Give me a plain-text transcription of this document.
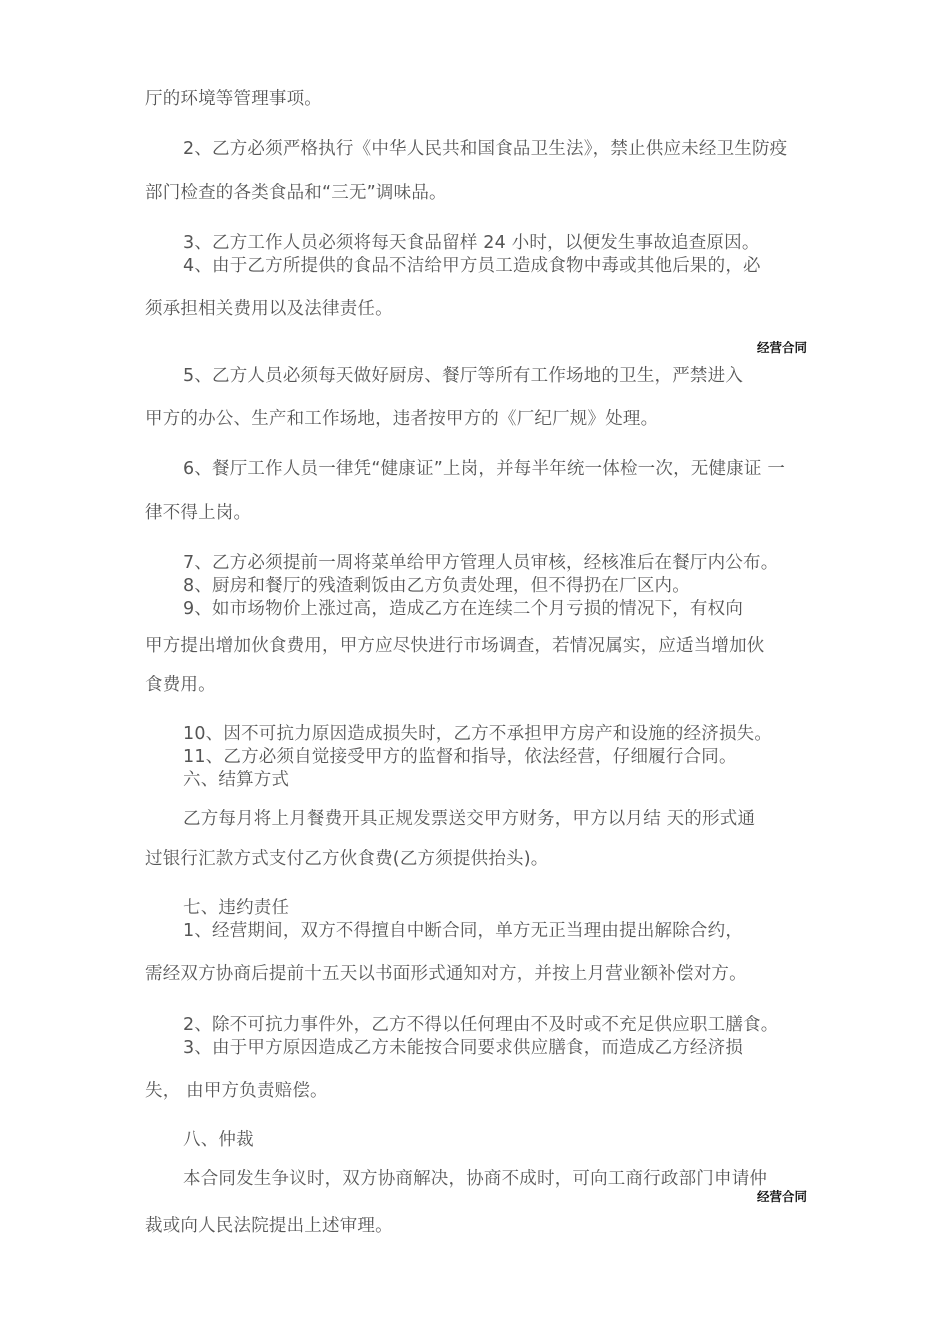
厅的环境等管理事项。

2、乙方必须严格执行《中华人民共和国食品卫生法》，禁止供应未经卫生防疫

部门检查的各类食品和“三无”调味品。

3、乙方工作人员必须将每天食品留样 24 小时，以便发生事故追查原因。

4、由于乙方所提供的食品不洁给甲方员工造成食物中毒或其他后果的，必

须承担相关费用以及法律责任。

经营合同

5、乙方人员必须每天做好厨房、餐厅等所有工作场地的卫生，严禁进入

甲方的办公、生产和工作场地，违者按甲方的《厂纪厂规》处理。

6、餐厅工作人员一律凭“健康证”上岗，并每半年统一体检一次，无健康证 一

律不得上岗。

7、乙方必须提前一周将菜单给甲方管理人员审核，经核准后在餐厅内公布。

8、厨房和餐厅的残渣剩饭由乙方负责处理，但不得扔在厂区内。

9、如市场物价上涨过高，造成乙方在连续二个月亏损的情况下，有权向

甲方提出增加伙食费用，甲方应尽快进行市场调查，若情况属实，应适当增加伙

食费用。

10、因不可抗力原因造成损失时，乙方不承担甲方房产和设施的经济损失。

11、乙方必须自觉接受甲方的监督和指导，依法经营，仔细履行合同。

六、结算方式

乙方每月将上月餐费开具正规发票送交甲方财务，甲方以月结 天的形式通

过银行汇款方式支付乙方伙食费(乙方须提供抬头)。

七、违约责任

1、经营期间，双方不得擅自中断合同，单方无正当理由提出解除合约，

需经双方协商后提前十五天以书面形式通知对方，并按上月营业额补偿对方。

2、除不可抗力事件外，乙方不得以任何理由不及时或不充足供应职工膳食。

3、由于甲方原因造成乙方未能按合同要求供应膳食，而造成乙方经济损

失， 由甲方负责赔偿。

八、仲裁

本合同发生争议时，双方协商解决，协商不成时，可向工商行政部门申请仲

经营合同

裁或向人民法院提出上述审理。
